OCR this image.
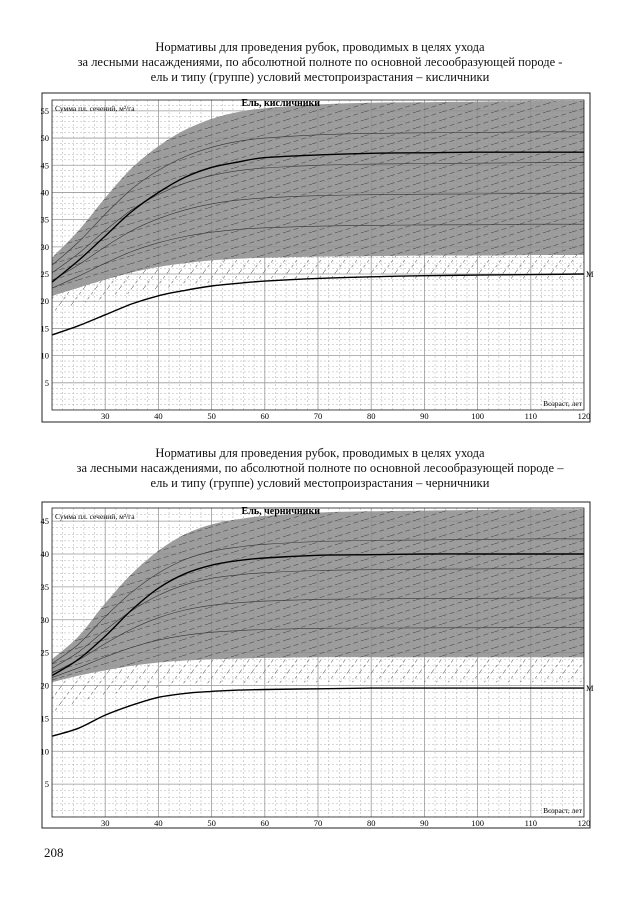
Нормативы для проведения рубок, проводимых в целях ухода
за лесными насаждениями, по абсолютной полноте по основной лесообразующей породе -
ель и типу (группе) условий местопроизрастания – кисличники
30	40	50	60	70	80	90	100	110	120
5
10
15
20
25
30
35
40
45
50
55
Ель, кисличники
Сумма пл. сечений, м²/га
Возраст, лет
М
Нормативы для проведения рубок, проводимых в целях ухода
за лесными насаждениями, по абсолютной полноте по основной лесообразующей породе –
ель и типу (группе) условий местопроизрастания – черничники
30	40	50	60	70	80	90	100	110	120
5
10
15
20
25
30
35
40
45
Ель, черничники
Сумма пл. сечений, м²/га
Возраст, лет
М
208
